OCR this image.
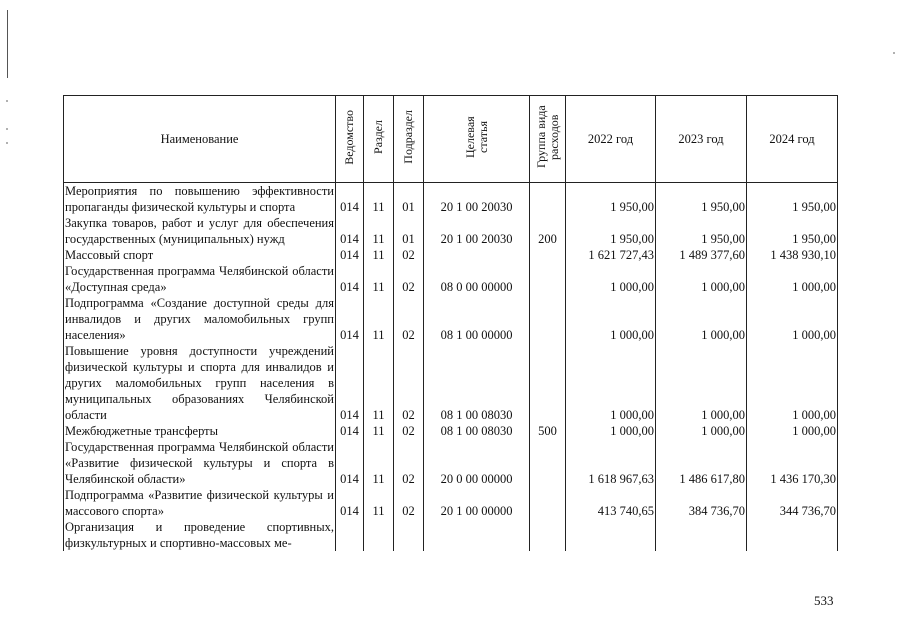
Наименование	Ведомство	Раздел	Подраздел	Целевая статья	Группа вида расходов	2022 год	2023 год	2024 год
Мероприятия по повышению эффективности пропаганды физической культуры и спорта	014	11	01	20 1 00 20030		1 950,00	1 950,00	1 950,00
Закупка товаров, работ и услуг для обеспечения государственных (муниципальных) нужд	014	11	01	20 1 00 20030	200	1 950,00	1 950,00	1 950,00
Массовый спорт	014	11	02			1 621 727,43	1 489 377,60	1 438 930,10
Государственная программа Челябинской области «Доступная среда»	014	11	02	08 0 00 00000		1 000,00	1 000,00	1 000,00
Подпрограмма «Создание доступной среды для инвалидов и других маломобильных групп населения»	014	11	02	08 1 00 00000		1 000,00	1 000,00	1 000,00
Повышение уровня доступности учреждений физической культуры и спорта для инвалидов и других маломобильных групп населения в муниципальных образованиях Челябинской области	014	11	02	08 1 00 08030		1 000,00	1 000,00	1 000,00
Межбюджетные трансферты	014	11	02	08 1 00 08030	500	1 000,00	1 000,00	1 000,00
Государственная программа Челябинской области «Развитие физической культуры и спорта в Челябинской области»	014	11	02	20 0 00 00000		1 618 967,63	1 486 617,80	1 436 170,30
Подпрограмма «Развитие физической культуры и массового спорта»	014	11	02	20 1 00 00000		413 740,65	384 736,70	344 736,70
Организация и проведение спортивных, физкультурных и спортивно-массовых ме-								
533
